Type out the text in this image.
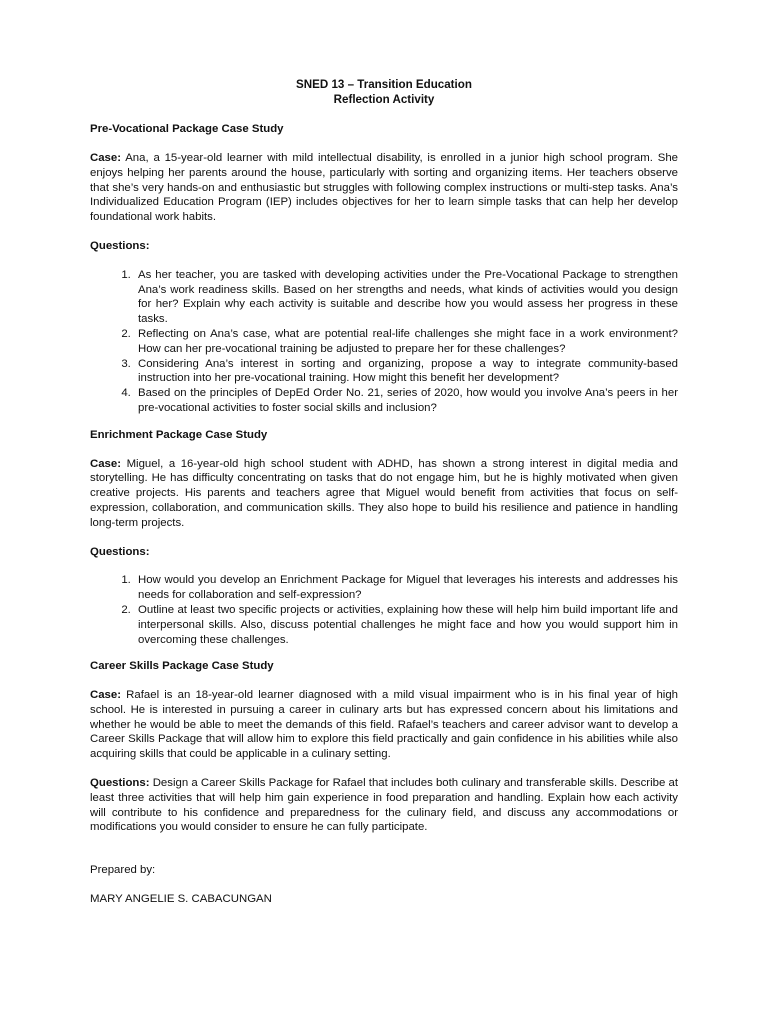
SNED 13 – Transition Education
Reflection Activity
Pre-Vocational Package Case Study

Case: Ana, a 15-year-old learner with mild intellectual disability, is enrolled in a junior high school program. She enjoys helping her parents around the house, particularly with sorting and organizing items. Her teachers observe that she’s very hands-on and enthusiastic but struggles with following complex instructions or multi-step tasks. Ana’s Individualized Education Program (IEP) includes objectives for her to learn simple tasks that can help her develop foundational work habits.

Questions:
1. As her teacher, you are tasked with developing activities under the Pre-Vocational Package to strengthen Ana’s work readiness skills. Based on her strengths and needs, what kinds of activities would you design for her? Explain why each activity is suitable and describe how you would assess her progress in these tasks.
2. Reflecting on Ana’s case, what are potential real-life challenges she might face in a work environment? How can her pre-vocational training be adjusted to prepare her for these challenges?
3. Considering Ana’s interest in sorting and organizing, propose a way to integrate community-based instruction into her pre-vocational training. How might this benefit her development?
4. Based on the principles of DepEd Order No. 21, series of 2020, how would you involve Ana’s peers in her pre-vocational activities to foster social skills and inclusion?
Enrichment Package Case Study

Case: Miguel, a 16-year-old high school student with ADHD, has shown a strong interest in digital media and storytelling. He has difficulty concentrating on tasks that do not engage him, but he is highly motivated when given creative projects. His parents and teachers agree that Miguel would benefit from activities that focus on self-expression, collaboration, and communication skills. They also hope to build his resilience and patience in handling long-term projects.

Questions:
1. How would you develop an Enrichment Package for Miguel that leverages his interests and addresses his needs for collaboration and self-expression?
2. Outline at least two specific projects or activities, explaining how these will help him build important life and interpersonal skills. Also, discuss potential challenges he might face and how you would support him in overcoming these challenges.
Career Skills Package Case Study

Case: Rafael is an 18-year-old learner diagnosed with a mild visual impairment who is in his final year of high school. He is interested in pursuing a career in culinary arts but has expressed concern about his limitations and whether he would be able to meet the demands of this field. Rafael’s teachers and career advisor want to develop a Career Skills Package that will allow him to explore this field practically and gain confidence in his abilities while also acquiring skills that could be applicable in a culinary setting.

Questions: Design a Career Skills Package for Rafael that includes both culinary and transferable skills. Describe at least three activities that will help him gain experience in food preparation and handling. Explain how each activity will contribute to his confidence and preparedness for the culinary field, and discuss any accommodations or modifications you would consider to ensure he can fully participate.

Prepared by:
MARY ANGELIE S. CABACUNGAN
